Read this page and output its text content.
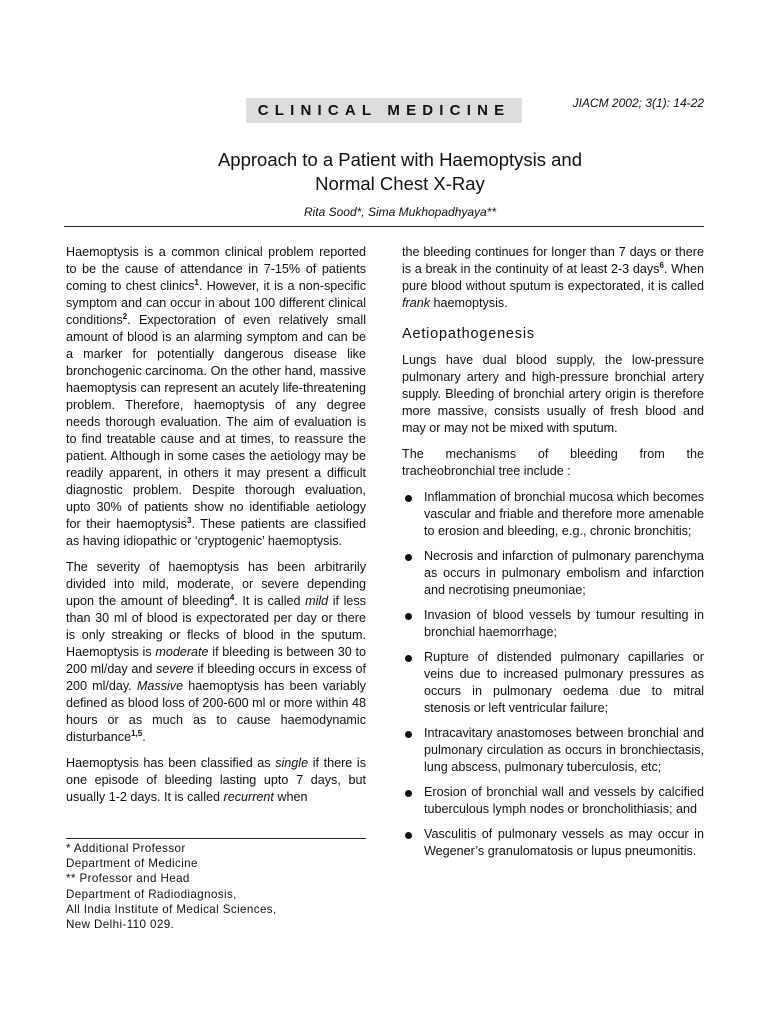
CLINICAL MEDICINE	JIACM 2002; 3(1): 14-22
Approach to a Patient with Haemoptysis and
Normal Chest X-Ray
Rita Sood*, Sima Mukhopadhyaya**

Haemoptysis is a common clinical problem reported to be the cause of attendance in 7-15% of patients coming to chest clinics$^1$. However, it is a non-specific symptom and can occur in about 100 different clinical conditions$^2$. Expectoration of even relatively small amount of blood is an alarming symptom and can be a marker for potentially dangerous disease like bronchogenic carcinoma. On the other hand, massive haemoptysis can represent an acutely life-threatening problem. Therefore, haemoptysis of any degree needs thorough evaluation. The aim of evaluation is to find treatable cause and at times, to reassure the patient. Although in some cases the aetiology may be readily apparent, in others it may present a difficult diagnostic problem. Despite thorough evaluation, upto 30% of patients show no identifiable aetiology for their haemoptysis$^3$. These patients are classified as having idiopathic or ‘cryptogenic’ haemoptysis.

The severity of haemoptysis has been arbitrarily divided into mild, moderate, or severe depending upon the amount of bleeding$^4$. It is called mild if less than 30 ml of blood is expectorated per day or there is only streaking or flecks of blood in the sputum. Haemoptysis is moderate if bleeding is between 30 to 200 ml/day and severe if bleeding occurs in excess of 200 ml/day. Massive haemoptysis has been variably defined as blood loss of 200-600 ml or more within 48 hours or as much as to cause haemodynamic disturbance$^{1,5}$.

Haemoptysis has been classified as single if there is one episode of bleeding lasting upto 7 days, but usually 1-2 days. It is called recurrent when

* Additional Professor
Department of Medicine
** Professor and Head
Department of Radiodiagnosis,
All India Institute of Medical Sciences,
New Delhi-110 029.

the bleeding continues for longer than 7 days or there is a break in the continuity of at least 2-3 days$^6$. When pure blood without sputum is expectorated, it is called frank haemoptysis.

Aetiopathogenesis

Lungs have dual blood supply, the low-pressure pulmonary artery and high-pressure bronchial artery supply. Bleeding of bronchial artery origin is therefore more massive, consists usually of fresh blood and may or may not be mixed with sputum.

The mechanisms of bleeding from the tracheobronchial tree include :

Inflammation of bronchial mucosa which becomes vascular and friable and therefore more amenable to erosion and bleeding, e.g., chronic bronchitis;
Necrosis and infarction of pulmonary parenchyma as occurs in pulmonary embolism and infarction and necrotising pneumoniae;
Invasion of blood vessels by tumour resulting in bronchial haemorrhage;
Rupture of distended pulmonary capillaries or veins due to increased pulmonary pressures as occurs in pulmonary oedema due to mitral stenosis or left ventricular failure;
Intracavitary anastomoses between bronchial and pulmonary circulation as occurs in bronchiectasis, lung abscess, pulmonary tuberculosis, etc;
Erosion of bronchial wall and vessels by calcified tuberculous lymph nodes or broncholithiasis; and
Vasculitis of pulmonary vessels as may occur in Wegener’s granulomatosis or lupus pneumonitis.
